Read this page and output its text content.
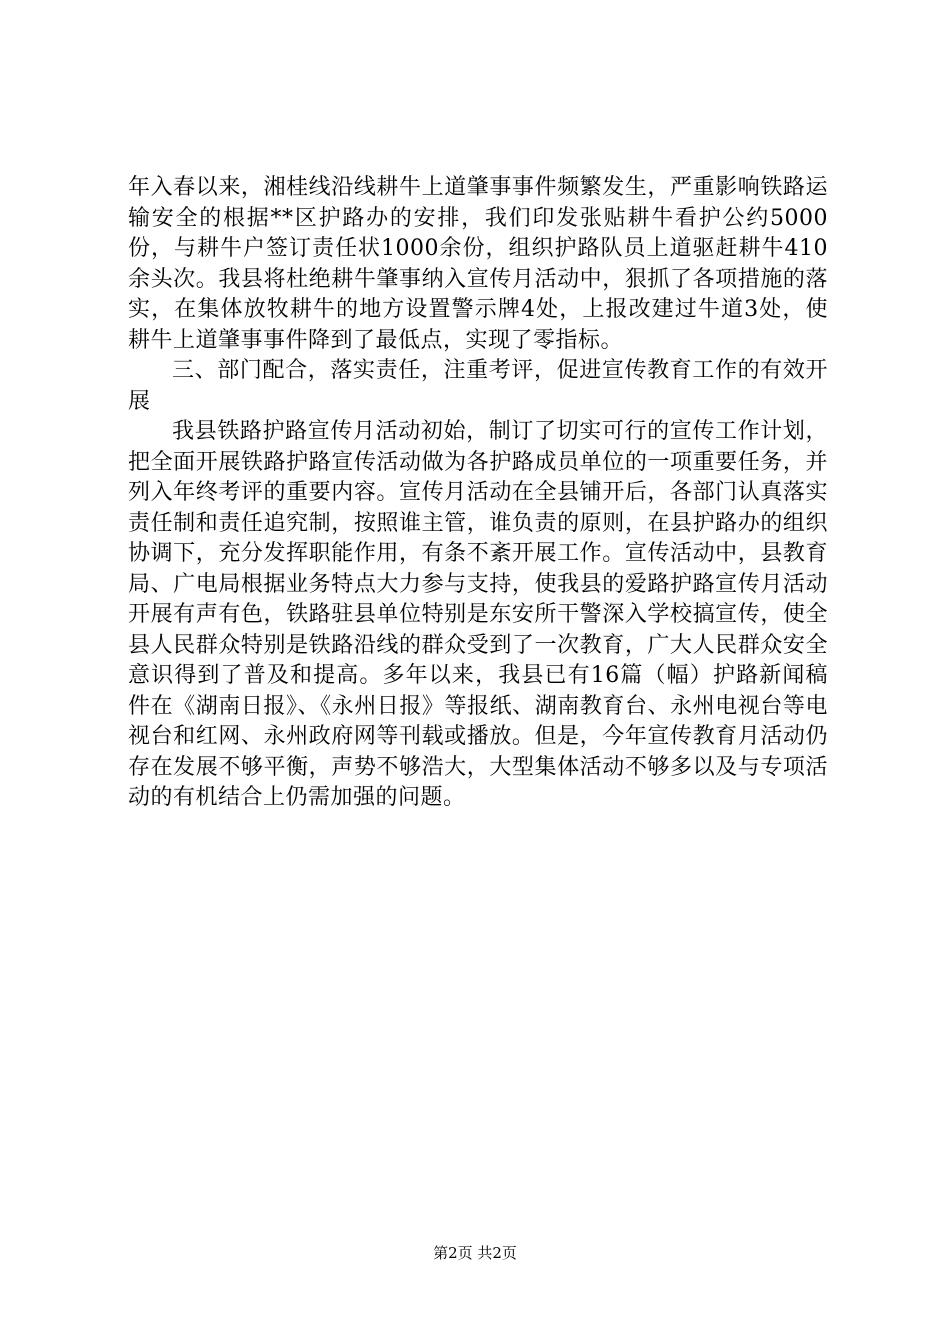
年入春以来，湘桂线沿线耕牛上道肇事事件频繁发生，严重影响铁路运输安全的根据**区护路办的安排，我们印发张贴耕牛看护公约5000份，与耕牛户签订责任状1000余份，组织护路队员上道驱赶耕牛410余头次。我县将杜绝耕牛肇事纳入宣传月活动中，狠抓了各项措施的落实，在集体放牧耕牛的地方设置警示牌4处，上报改建过牛道3处，使耕牛上道肇事事件降到了最低点，实现了零指标。

三、部门配合，落实责任，注重考评，促进宣传教育工作的有效开展

我县铁路护路宣传月活动初始，制订了切实可行的宣传工作计划，把全面开展铁路护路宣传活动做为各护路成员单位的一项重要任务，并列入年终考评的重要内容。宣传月活动在全县铺开后，各部门认真落实责任制和责任追究制，按照谁主管，谁负责的原则，在县护路办的组织协调下，充分发挥职能作用，有条不紊开展工作。宣传活动中，县教育局、广电局根据业务特点大力参与支持，使我县的爱路护路宣传月活动开展有声有色，铁路驻县单位特别是东安所干警深入学校搞宣传，使全县人民群众特别是铁路沿线的群众受到了一次教育，广大人民群众安全意识得到了普及和提高。多年以来，我县已有16篇（幅）护路新闻稿件在《湖南日报》、《永州日报》等报纸、湖南教育台、永州电视台等电视台和红网、永州政府网等刊载或播放。但是，今年宣传教育月活动仍存在发展不够平衡，声势不够浩大，大型集体活动不够多以及与专项活动的有机结合上仍需加强的问题。

第2页 共2页
